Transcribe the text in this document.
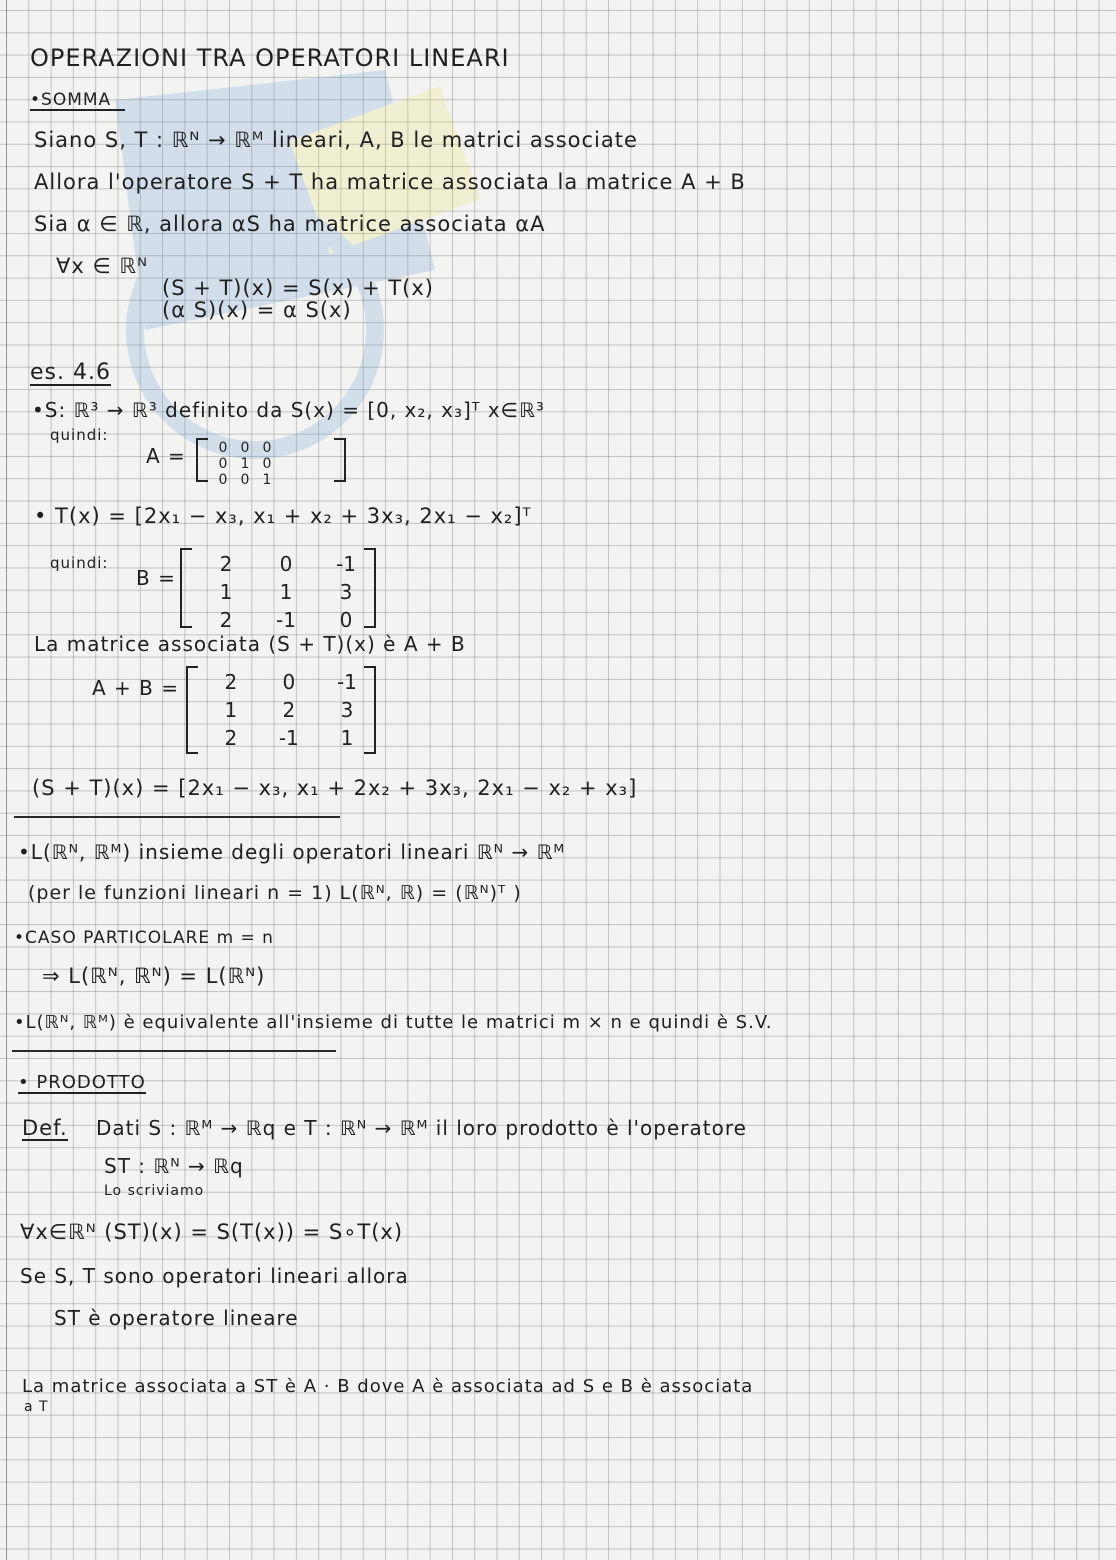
OPERAZIONI TRA OPERATORI LINEARI
•SOMMA
Siano S, T : ℝᴺ → ℝᴹ lineari, A, B le matrici associate
Allora l'operatore S + T ha matrice associata la matrice A + B
Sia α ∈ ℝ, allora αS ha matrice associata αA
∀x ∈ ℝᴺ
(S + T)(x) = S(x) + T(x)
(α S)(x) = α S(x)
es. 4.6
•S: ℝ³ → ℝ³ definito da S(x) = [0, x₂, x₃]ᵀ x∈ℝ³
quindi:
A = 0	0	0
0	1	0
0	0	1
• T(x) = [2x₁ − x₃, x₁ + x₂ + 3x₃, 2x₁ − x₂]ᵀ
quindi:
B =
2	0	-1
1	1	3
2	-1	0
La matrice associata (S + T)(x) è A + B
A + B = 2	0	-1
1	2	3
2	-1	1
(S + T)(x) = [2x₁ − x₃, x₁ + 2x₂ + 3x₃, 2x₁ − x₂ + x₃]
•L(ℝᴺ, ℝᴹ) insieme degli operatori lineari ℝᴺ → ℝᴹ
(per le funzioni lineari n = 1) L(ℝᴺ, ℝ) = (ℝᴺ)ᵀ )
•CASO PARTICOLARE m = n
⇒ L(ℝᴺ, ℝᴺ) = L(ℝᴺ)
•L(ℝᴺ, ℝᴹ) è equivalente all'insieme di tutte le matrici m × n e quindi è S.V.
• PRODOTTO
Def. Dati S : ℝᴹ → ℝq e T : ℝᴺ → ℝᴹ il loro prodotto è l'operatore
ST : ℝᴺ → ℝq
Lo scriviamo
∀x∈ℝᴺ (ST)(x) = S(T(x)) = S∘T(x)
Se S, T sono operatori lineari allora
ST è operatore lineare
La matrice associata a ST è A · B dove A è associata ad S e B è associata
a T
